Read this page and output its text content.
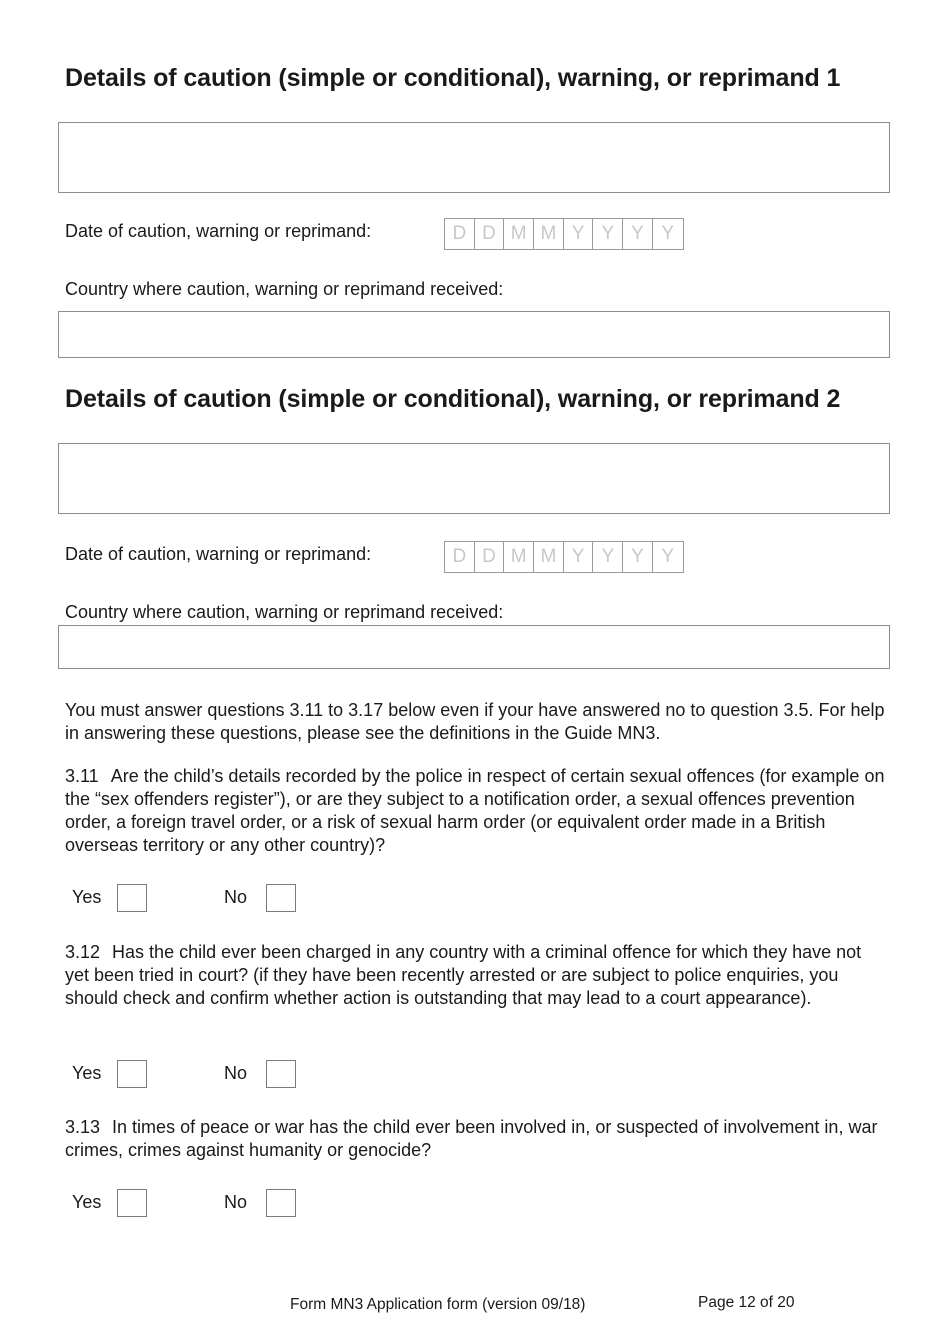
Details of caution (simple or conditional), warning, or reprimand 1
Date of caution, warning or reprimand:	D D M M Y Y Y Y
Country where caution, warning or reprimand received:
Details of caution (simple or conditional), warning, or reprimand 2
Date of caution, warning or reprimand:	D D M M Y Y Y Y
Country where caution, warning or reprimand received:

You must answer questions 3.11 to 3.17 below even if your have answered no to question 3.5. For help in answering these questions, please see the definitions in the Guide MN3.

3.11 Are the child’s details recorded by the police in respect of certain sexual offences (for example on the “sex offenders register”), or are they subject to a notification order, a sexual offences prevention order, a foreign travel order, or a risk of sexual harm order (or equivalent order made in a British overseas territory or any other country)?

Yes	No

3.12 Has the child ever been charged in any country with a criminal offence for which they have not yet been tried in court? (if they have been recently arrested or are subject to police enquiries, you should check and confirm whether action is outstanding that may lead to a court appearance).

Yes	No

3.13 In times of peace or war has the child ever been involved in, or suspected of involvement in, war crimes, crimes against humanity or genocide?

Yes	No
Form MN3 Application form (version 09/18)	Page 12 of 20
